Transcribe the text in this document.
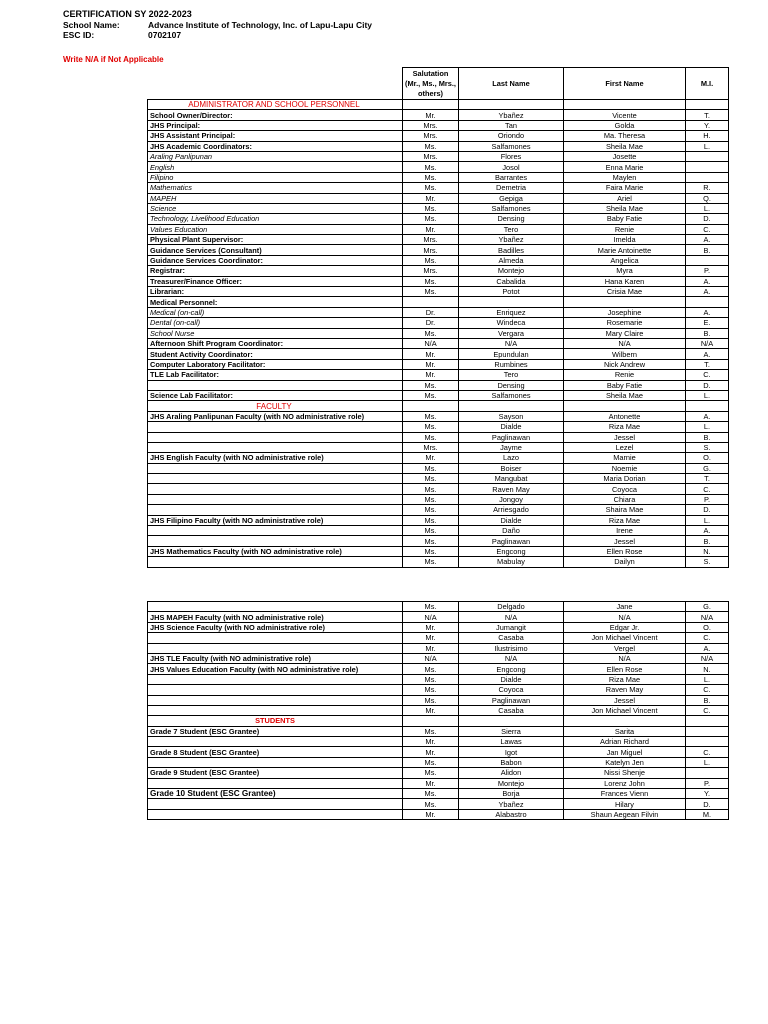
CERTIFICATION SY 2022-2023
School Name:	Advance Institute of Technology, Inc. of Lapu-Lapu City
ESC ID:	0702107
Write N/A if Not Applicable
	Salutation (Mr., Ms., Mrs., others)	Last Name	First Name	M.I.
ADMINISTRATOR AND SCHOOL PERSONNEL				
School Owner/Director:	Mr.	Ybañez	Vicente	T.
JHS Principal:	Mrs.	Tan	Golda	Y.
JHS Assistant Principal:	Mrs.	Oriondo	Ma. Theresa	H.
JHS Academic Coordinators:	Ms.	Salfamones	Sheila Mae	L.
Araling Panlipunan	Mrs.	Flores	Josette	
English	Ms.	Josol	Enna Marie	
Filipino	Ms.	Barrantes	Maylen	
Mathematics	Ms.	Demetria	Faira Marie	R.
MAPEH	Mr.	Gepiga	Ariel	Q.
Science	Ms.	Salfamones	Sheila Mae	L.
Technology, Livelihood Education	Ms.	Densing	Baby Fatie	D.
Values Education	Mr.	Tero	Renie	C.
Physical Plant Supervisor:	Mrs.	Ybañez	Imelda	A.
Guidance Services (Consultant)	Mrs.	Badilles	Marie Antoinette	B.
Guidance Services Coordinator:	Ms.	Almeda	Angelica	
Registrar:	Mrs.	Montejo	Myra	P.
Treasurer/Finance Officer:	Ms.	Cabalida	Hana Karen	A.
Librarian:	Ms.	Potot	Crisia Mae	A.
Medical Personnel:				
Medical (on-call)	Dr.	Enriquez	Josephine	A.
Dental (on-call)	Dr.	Windeca	Rosemarie	E.
School Nurse	Ms.	Vergara	Mary Claire	B.
Afternoon Shift Program Coordinator:	N/A	N/A	N/A	N/A
Student Activity Coordinator:	Mr.	Epundulan	Wilbern	A.
Computer Laboratory Facilitator:	Mr.	Rumbines	Nick Andrew	T.
TLE Lab Facilitator:	Mr.	Tero	Renie	C.
	Ms.	Densing	Baby Fatie	D.
Science Lab Facilitator:	Ms.	Salfamones	Sheila Mae	L.
FACULTY				
JHS Araling Panlipunan Faculty (with NO administrative role)	Ms.	Sayson	Antonette	A.
	Ms.	Dialde	Riza Mae	L.
	Ms.	Paglinawan	Jessel	B.
	Mrs.	Jayme	Lezel	S.
JHS English Faculty (with NO administrative role)	Mr.	Lazo	Marnie	O.
	Ms.	Boiser	Noemie	G.
	Ms.	Mangubat	Maria Dorian	T.
	Ms.	Raven May	Coyoca	C.
	Ms.	Jongoy	Chiara	P.
	Ms.	Arriesgado	Shaira Mae	D.
JHS Filipino Faculty (with NO administrative role)	Ms.	Dialde	Riza Mae	L.
	Ms.	Daño	Irene	A.
	Ms.	Paglinawan	Jessel	B.
JHS Mathematics Faculty (with NO administrative role)	Ms.	Engcong	Ellen Rose	N.
	Ms.	Mabulay	Dailyn	S.
	Ms.	Delgado	Jane	G.
JHS MAPEH Faculty (with NO administrative role)	N/A	N/A	N/A	N/A
JHS Science Faculty (with NO administrative role)	Mr.	Jumangit	Edgar Jr.	O.
	Mr.	Casaba	Jon Michael Vincent	C.
	Mr.	Ilustrisimo	Vergel	A.
JHS TLE Faculty (with NO administrative role)	N/A	N/A	N/A	N/A
JHS Values Education Faculty (with NO administrative role)	Ms.	Engcong	Ellen Rose	N.
	Ms.	Dialde	Riza Mae	L.
	Ms.	Coyoca	Raven May	C.
	Ms.	Paglinawan	Jessel	B.
	Mr.	Casaba	Jon Michael Vincent	C.
STUDENTS				
Grade 7 Student (ESC Grantee)	Ms.	Sierra	Sarita	
	Mr.	Lawas	Adrian Richard	
Grade 8 Student (ESC Grantee)	Mr.	Igot	Jan Miguel	C.
	Ms.	Babon	Katelyn Jen	L.
Grade 9 Student (ESC Grantee)	Ms.	Alidon	Nissi Shenje	
	Mr.	Montejo	Lorenz John	P.
Grade 10 Student (ESC Grantee)	Ms.	Borja	Frances Vienn	Y.
	Ms.	Ybañez	Hilary	D.
	Mr.	Alabastro	Shaun Aegean Filvin	M.
